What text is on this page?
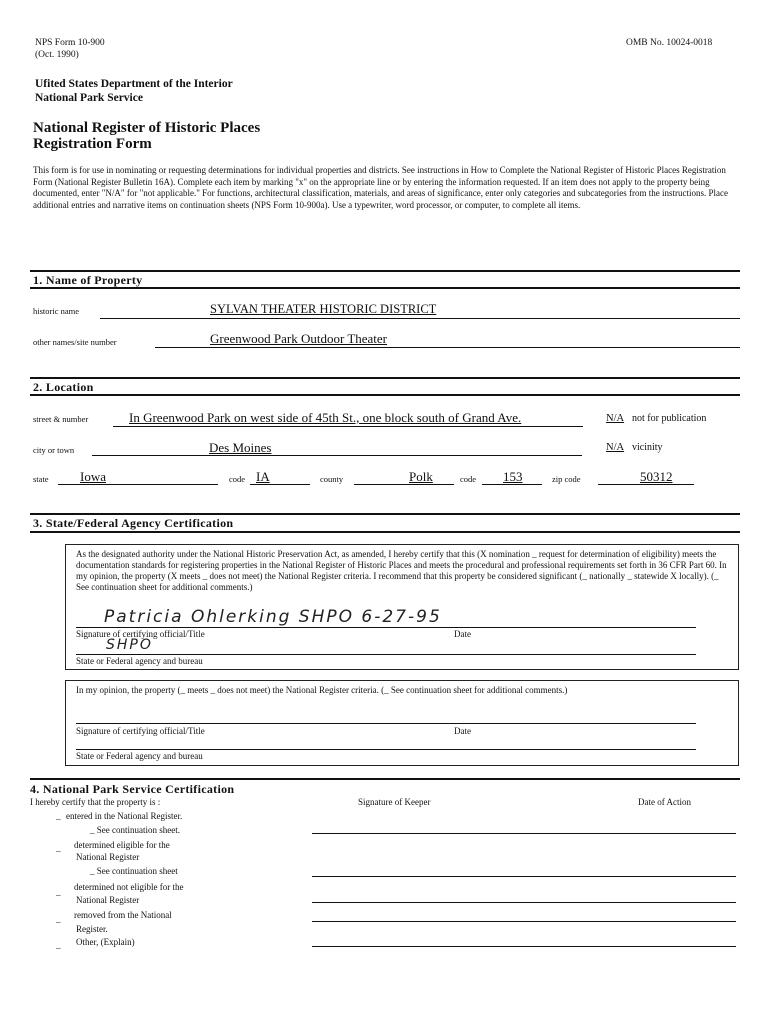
NPS Form 10-900
(Oct. 1990)
OMB No. 10024-0018
Ufited States Department of the Interior
National Park Service
National Register of Historic Places
Registration Form
This form is for use in nominating or requesting determinations for individual properties and districts. See instructions in How to Complete the National Register of Historic Places Registration Form (National Register Bulletin 16A). Complete each item by marking "x" on the appropriate line or by entering the information requested. If an item does not apply to the property being documented, enter "N/A" for "not applicable." For functions, architectural classification, materials, and areas of significance, enter only categories and subcategories from the instructions. Place additional entries and narrative items on continuation sheets (NPS Form 10-900a). Use a typewriter, word processor, or computer, to complete all items.
1. Name of Property
historic name	SYLVAN THEATER HISTORIC DISTRICT
other names/site number	Greenwood Park Outdoor Theater
2. Location
street & number	In Greenwood Park on west side of 45th St., one block south of Grand Ave.	N/A not for publication
city or town	Des Moines	N/A vicinity
state Iowa	code IA	county	Polk	code 153	zip code	50312
3. State/Federal Agency Certification
As the designated authority under the National Historic Preservation Act, as amended, I hereby certify that this (X nomination _ request for determination of eligibility) meets the documentation standards for registering properties in the National Register of Historic Places and meets the procedural and professional requirements set forth in 36 CFR Part 60. In my opinion, the property (X meets _ does not meet) the National Register criteria. I recommend that this property be considered significant (_ nationally _ statewide X locally). (_ See continuation sheet for additional comments.)
Patricia Ohlerking SHPO 6-27-95
Signature of certifying official/Title	Date
SHPO
State or Federal agency and bureau
In my opinion, the property (_ meets _ does not meet) the National Register criteria. (_ See continuation sheet for additional comments.)
Signature of certifying official/Title	Date
State or Federal agency and bureau
4. National Park Service Certification
I hereby certify that the property is :	Signature of Keeper	Date of Action
_ entered in the National Register.
_ See continuation sheet.
_ determined eligible for the
National Register
_ See continuation sheet
_ determined not eligible for the
National Register
_ removed from the National
Register.
_ Other, (Explain)
